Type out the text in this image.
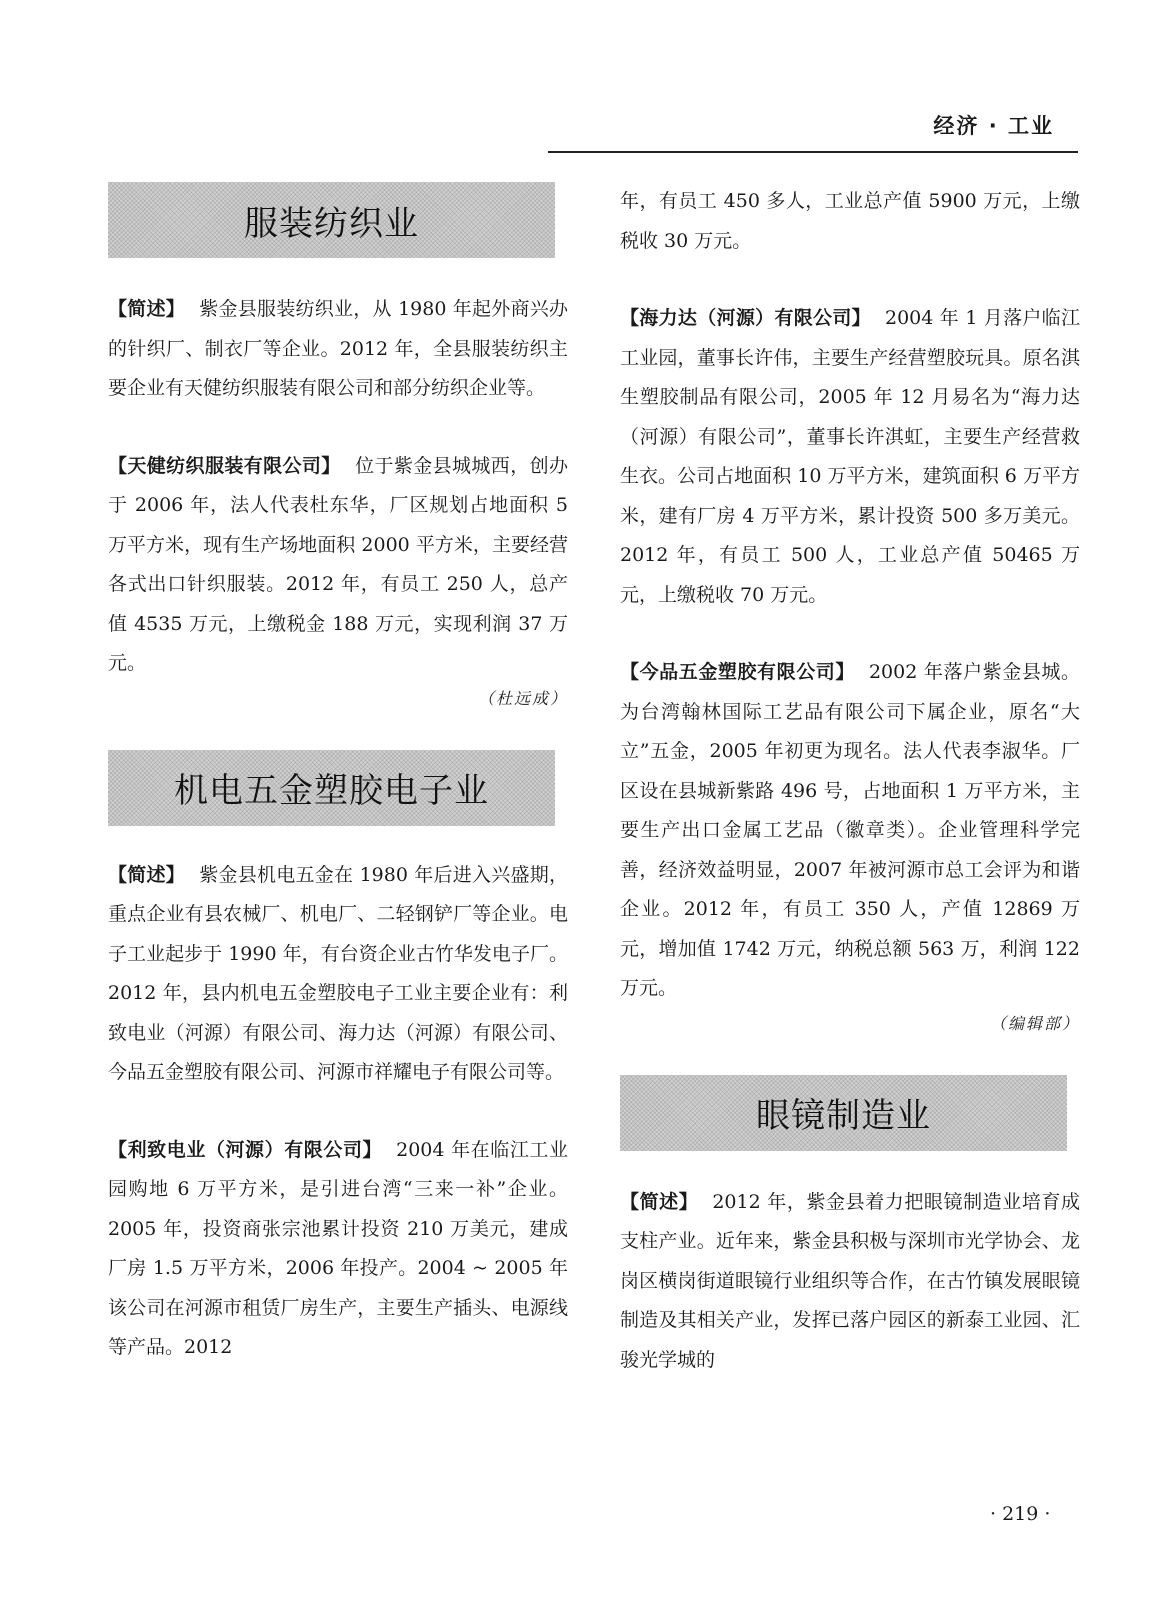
经济 · 工业
服装纺织业

【简述】 紫金县服装纺织业，从 1980 年起外商兴办的针织厂、制衣厂等企业。2012 年，全县服装纺织主要企业有天健纺织服装有限公司和部分纺织企业等。

【天健纺织服装有限公司】 位于紫金县城城西，创办于 2006 年，法人代表杜东华，厂区规划占地面积 5 万平方米，现有生产场地面积 2000 平方米，主要经营各式出口针织服装。2012 年，有员工 250 人，总产值 4535 万元，上缴税金 188 万元，实现利润 37 万元。

（杜远成）

机电五金塑胶电子业

【简述】 紫金县机电五金在 1980 年后进入兴盛期，重点企业有县农械厂、机电厂、二轻钢铲厂等企业。电子工业起步于 1990 年，有台资企业古竹华发电子厂。2012 年，县内机电五金塑胶电子工业主要企业有：利致电业（河源）有限公司、海力达（河源）有限公司、今品五金塑胶有限公司、河源市祥耀电子有限公司等。

【利致电业（河源）有限公司】 2004 年在临江工业园购地 6 万平方米，是引进台湾“三来一补”企业。2005 年，投资商张宗池累计投资 210 万美元，建成厂房 1.5 万平方米，2006 年投产。2004 ~ 2005 年该公司在河源市租赁厂房生产，主要生产插头、电源线等产品。2012

年，有员工 450 多人，工业总产值 5900 万元，上缴税收 30 万元。

【海力达（河源）有限公司】 2004 年 1 月落户临江工业园，董事长许伟，主要生产经营塑胶玩具。原名淇生塑胶制品有限公司，2005 年 12 月易名为“海力达（河源）有限公司”，董事长许淇虹，主要生产经营救生衣。公司占地面积 10 万平方米，建筑面积 6 万平方米，建有厂房 4 万平方米，累计投资 500 多万美元。2012 年，有员工 500 人，工业总产值 50465 万元，上缴税收 70 万元。

【今品五金塑胶有限公司】 2002 年落户紫金县城。为台湾翰林国际工艺品有限公司下属企业，原名“大立”五金，2005 年初更为现名。法人代表李淑华。厂区设在县城新紫路 496 号，占地面积 1 万平方米，主要生产出口金属工艺品（徽章类）。企业管理科学完善，经济效益明显，2007 年被河源市总工会评为和谐企业。2012 年，有员工 350 人，产值 12869 万元，增加值 1742 万元，纳税总额 563 万，利润 122 万元。

（编辑部）

眼镜制造业

【简述】 2012 年，紫金县着力把眼镜制造业培育成支柱产业。近年来，紫金县积极与深圳市光学协会、龙岗区横岗街道眼镜行业组织等合作，在古竹镇发展眼镜制造及其相关产业，发挥已落户园区的新泰工业园、汇骏光学城的

· 219 ·
